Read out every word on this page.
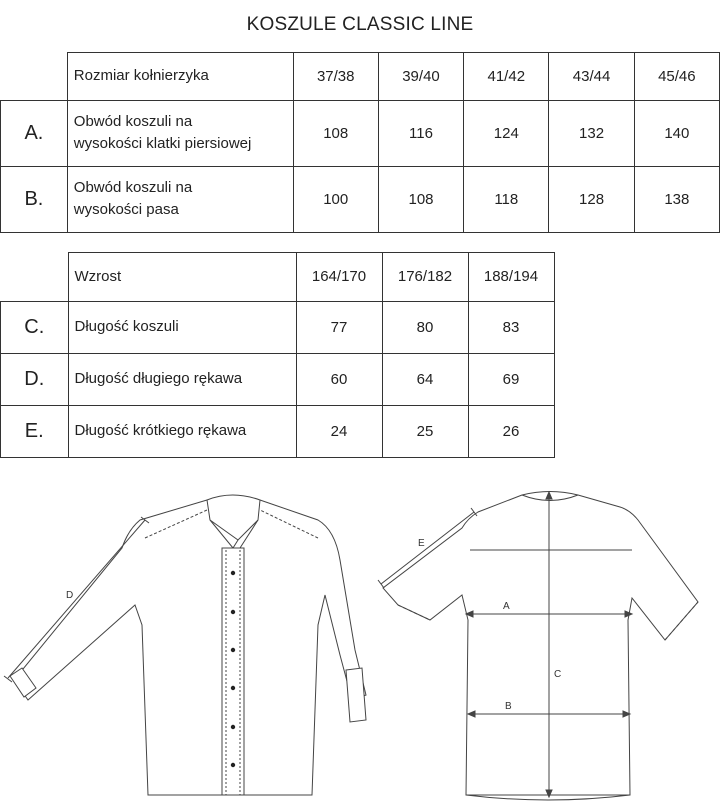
KOSZULE CLASSIC LINE
	Rozmiar kołnierzyka	37/38	39/40	41/42	43/44	45/46
A.	Obwód koszuli na
wysokości klatki piersiowej	108	116	124	132	140
B.	Obwód koszuli na
wysokości pasa	100	108	118	128	138
	Wzrost	164/170	176/182	188/194
C.	Długość koszuli	77	80	83
D.	Długość długiego rękawa	60	64	69
E.	Długość krótkiego rękawa	24	25	26
D
E
A
B
C
